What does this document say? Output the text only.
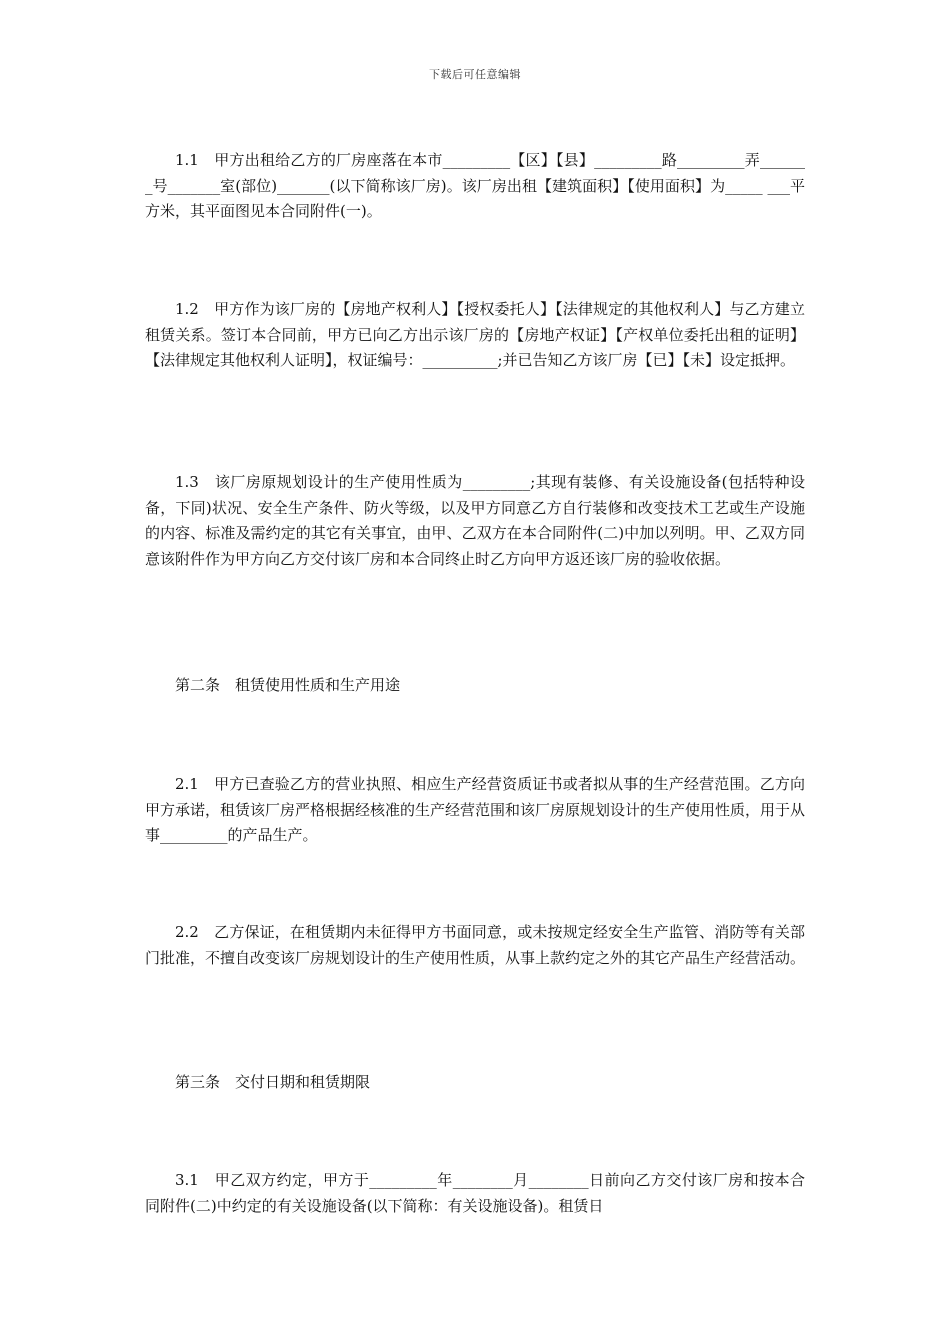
下载后可任意编辑
1.1　甲方出租给乙方的厂房座落在本市_________【区】【县】_________路_________弄_______号_______室(部位)_______(以下简称该厂房)。该厂房出租【建筑面积】【使用面积】为_____ ___平方米，其平面图见本合同附件(一)。
1.2　甲方作为该厂房的【房地产权利人】【授权委托人】【法律规定的其他权利人】与乙方建立租赁关系。签订本合同前，甲方已向乙方出示该厂房的【房地产权证】【产权单位委托出租的证明】【法律规定其他权利人证明】，权证编号：__________;并已告知乙方该厂房【已】【未】设定抵押。
1.3　该厂房原规划设计的生产使用性质为_________;其现有装修、有关设施设备(包括特种设备，下同)状况、安全生产条件、防火等级，以及甲方同意乙方自行装修和改变技术工艺或生产设施的内容、标准及需约定的其它有关事宜，由甲、乙双方在本合同附件(二)中加以列明。甲、乙双方同意该附件作为甲方向乙方交付该厂房和本合同终止时乙方向甲方返还该厂房的验收依据。
第二条　租赁使用性质和生产用途
2.1　甲方已查验乙方的营业执照、相应生产经营资质证书或者拟从事的生产经营范围。乙方向甲方承诺，租赁该厂房严格根据经核准的生产经营范围和该厂房原规划设计的生产使用性质，用于从事_________的产品生产。
2.2　乙方保证，在租赁期内未征得甲方书面同意，或未按规定经安全生产监管、消防等有关部门批准，不擅自改变该厂房规划设计的生产使用性质，从事上款约定之外的其它产品生产经营活动。
第三条　交付日期和租赁期限
3.1　甲乙双方约定，甲方于_________年________月________日前向乙方交付该厂房和按本合同附件(二)中约定的有关设施设备(以下简称：有关设施设备)。租赁日
